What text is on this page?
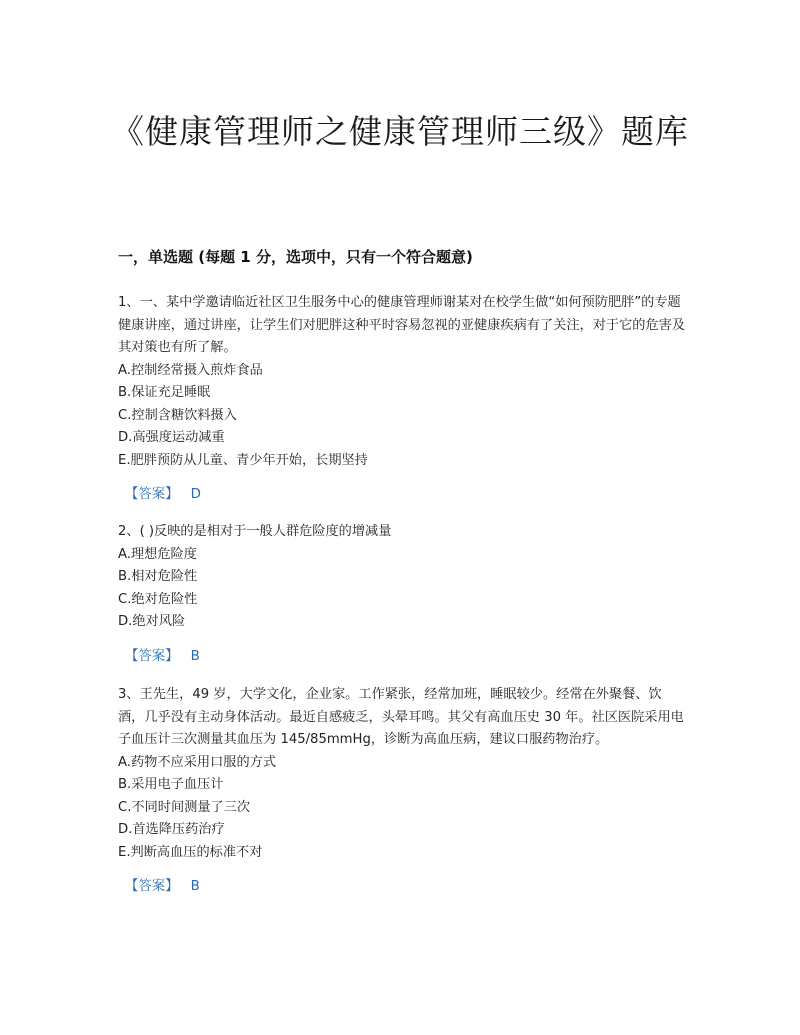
《健康管理师之健康管理师三级》题库
一，单选题 (每题 1 分，选项中，只有一个符合题意)

1、一、某中学邀请临近社区卫生服务中心的健康管理师谢某对在校学生做“如何预防肥胖”的专题健康讲座，通过讲座，让学生们对肥胖这种平时容易忽视的亚健康疾病有了关注，对于它的危害及其对策也有所了解。

A.控制经常摄入煎炸食品

B.保证充足睡眠

C.控制含糖饮料摄入

D.高强度运动减重

E.肥胖预防从儿童、青少年开始，长期坚持

【答案】 D

2、( )反映的是相对于一般人群危险度的增减量

A.理想危险度

B.相对危险性

C.绝对危险性

D.绝对风险

【答案】 B

3、王先生，49 岁，大学文化，企业家。工作紧张，经常加班，睡眠较少。经常在外聚餐、饮酒，几乎没有主动身体活动。最近自感疲乏，头晕耳鸣。其父有高血压史 30 年。社区医院采用电子血压计三次测量其血压为 145/85mmHg，诊断为高血压病，建议口服药物治疗。

A.药物不应采用口服的方式

B.采用电子血压计

C.不同时间测量了三次

D.首选降压药治疗

E.判断高血压的标准不对

【答案】 B
